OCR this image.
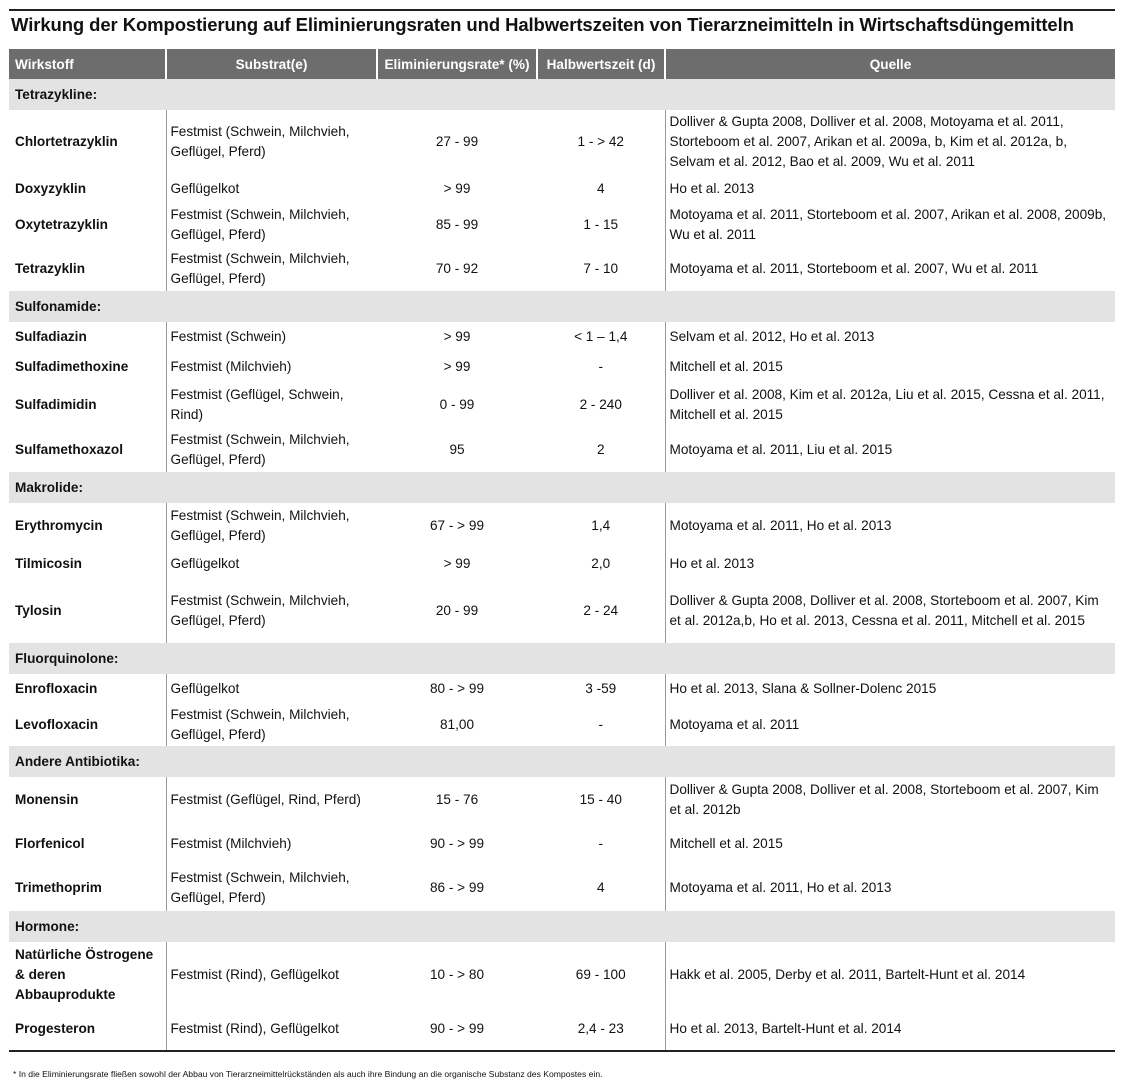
Wirkung der Kompostierung auf Eliminierungsraten und Halbwertszeiten von Tierarzneimitteln in Wirtschaftsdüngemitteln
Wirkstoff	Substrat(e)	Eliminierungsrate* (%)	Halbwertszeit (d)	Quelle
Tetrazykline:				
Chlortetrazyklin	Festmist (Schwein, Milchvieh, Geflügel, Pferd)	27 - 99	1 - > 42	Dolliver & Gupta 2008, Dolliver et al. 2008, Motoyama et al. 2011, Storteboom et al. 2007, Arikan et al. 2009a, b, Kim et al. 2012a, b, Selvam et al. 2012, Bao et al. 2009, Wu et al. 2011
Doxyzyklin	Geflügelkot	> 99	4	Ho et al. 2013
Oxytetrazyklin	Festmist (Schwein, Milchvieh, Geflügel, Pferd)	85 - 99	1 - 15	Motoyama et al. 2011, Storteboom et al. 2007, Arikan et al. 2008, 2009b, Wu et al. 2011
Tetrazyklin	Festmist (Schwein, Milchvieh, Geflügel, Pferd)	70 - 92	7 - 10	Motoyama et al. 2011, Storteboom et al. 2007, Wu et al. 2011
Sulfonamide:				
Sulfadiazin	Festmist (Schwein)	> 99	< 1 – 1,4	Selvam et al. 2012, Ho et al. 2013
Sulfadimethoxine	Festmist (Milchvieh)	> 99	-	Mitchell et al. 2015
Sulfadimidin	Festmist (Geflügel, Schwein, Rind)	0 - 99	2 - 240	Dolliver et al. 2008, Kim et al. 2012a, Liu et al. 2015, Cessna et al. 2011, Mitchell et al. 2015
Sulfamethoxazol	Festmist (Schwein, Milchvieh, Geflügel, Pferd)	95	2	Motoyama et al. 2011, Liu et al. 2015
Makrolide:				
Erythromycin	Festmist (Schwein, Milchvieh, Geflügel, Pferd)	67 - > 99	1,4	Motoyama et al. 2011, Ho et al. 2013
Tilmicosin	Geflügelkot	> 99	2,0	Ho et al. 2013
Tylosin	Festmist (Schwein, Milchvieh, Geflügel, Pferd)	20 - 99	2 - 24	Dolliver & Gupta 2008, Dolliver et al. 2008, Storteboom et al. 2007, Kim et al. 2012a,b, Ho et al. 2013, Cessna et al. 2011, Mitchell et al. 2015
Fluorquinolone:				
Enrofloxacin	Geflügelkot	80 - > 99	3 -59	Ho et al. 2013, Slana & Sollner-Dolenc 2015
Levofloxacin	Festmist (Schwein, Milchvieh, Geflügel, Pferd)	81,00	-	Motoyama et al. 2011
Andere Antibiotika:				
Monensin	Festmist (Geflügel, Rind, Pferd)	15 - 76	15 - 40	Dolliver & Gupta 2008, Dolliver et al. 2008, Storteboom et al. 2007, Kim et al. 2012b
Florfenicol	Festmist (Milchvieh)	90 - > 99	-	Mitchell et al. 2015
Trimethoprim	Festmist (Schwein, Milchvieh, Geflügel, Pferd)	86 - > 99	4	Motoyama et al. 2011, Ho et al. 2013
Hormone:				
Natürliche Östrogene & deren Abbauprodukte	Festmist (Rind), Geflügelkot	10 - > 80	69 - 100	Hakk et al. 2005, Derby et al. 2011, Bartelt-Hunt et al. 2014
Progesteron	Festmist (Rind), Geflügelkot	90 - > 99	2,4 - 23	Ho et al. 2013, Bartelt-Hunt et al. 2014
* In die Eliminierungsrate fließen sowohl der Abbau von Tierarzneimittelrückständen als auch ihre Bindung an die organische Substanz des Kompostes ein.
